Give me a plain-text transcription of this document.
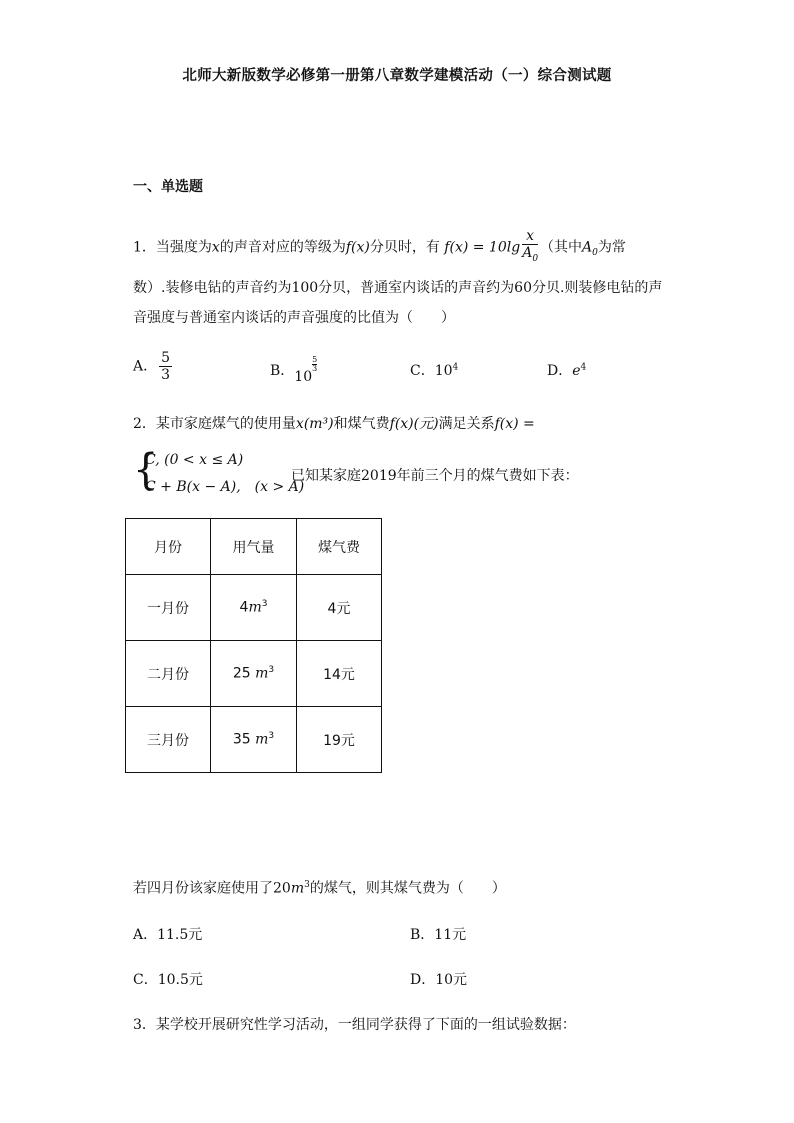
北师大新版数学必修第一册第八章数学建模活动（一）综合测试题
一、单选题
1．当强度为x的声音对应的等级为f(x)分贝时，有 $f(x) = 10\lg \frac{x}{A_0}$ （其中$A_0$为常
数）.装修电钻的声音约为100分贝，普通室内谈话的声音约为60分贝.则装修电钻的声
音强度与普通室内谈话的声音强度的比值为（　　）
A． $\frac{5}{3}$	B．10
$\frac{5}{3}$	C．$10^4$	D．$e^4$
2．某市家庭煤气的使用量x(m³)和煤气费f(x)(元)满足关系f(x) =
{
C, (0 < x ≤ A)
C + B(x − A),　(x > A)
已知某家庭2019年前三个月的煤气费如下表：
月份	用气量	煤气费
一月份	$4m^3$	4元
二月份	25 $m^3$	14元
三月份	35 $m^3$	19元
若四月份该家庭使用了$20m^3$的煤气，则其煤气费为（　　）
A．11.5元	B．11元
C．10.5元	D．10元
3．某学校开展研究性学习活动，一组同学获得了下面的一组试验数据：
